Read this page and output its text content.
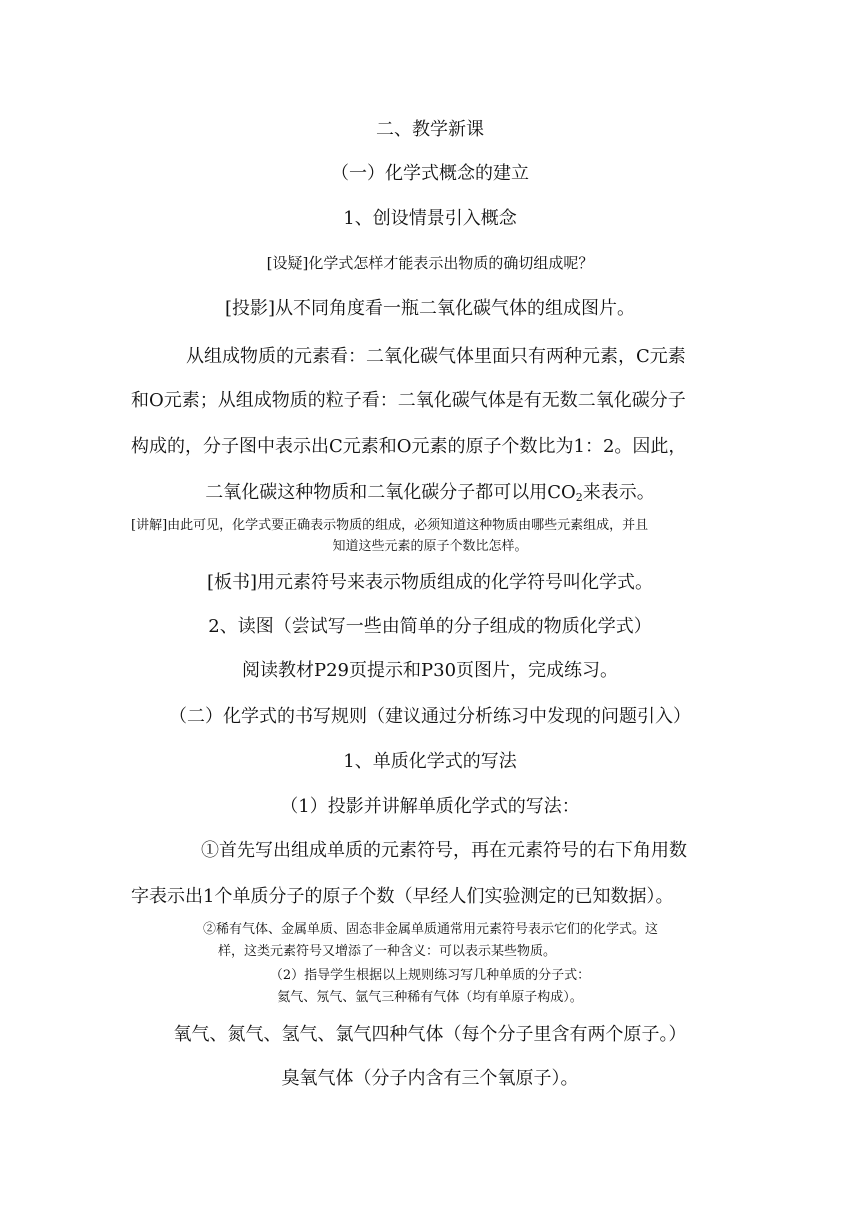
二、教学新课
（一）化学式概念的建立
1、创设情景引入概念
[设疑]化学式怎样才能表示出物质的确切组成呢？
[投影]从不同角度看一瓶二氧化碳气体的组成图片。
从组成物质的元素看：二氧化碳气体里面只有两种元素，C元素
和O元素；从组成物质的粒子看：二氧化碳气体是有无数二氧化碳分子
构成的，分子图中表示出C元素和O元素的原子个数比为1：2。因此，
二氧化碳这种物质和二氧化碳分子都可以用$CO_2$来表示。
[讲解]由此可见，化学式要正确表示物质的组成，必须知道这种物质由哪些元素组成，并且
知道这些元素的原子个数比怎样。
[板书]用元素符号来表示物质组成的化学符号叫化学式。
2、读图（尝试写一些由简单的分子组成的物质化学式）
阅读教材P29页提示和P30页图片，完成练习。
（二）化学式的书写规则（建议通过分析练习中发现的问题引入）
1、单质化学式的写法
（1）投影并讲解单质化学式的写法：
①首先写出组成单质的元素符号，再在元素符号的右下角用数
字表示出1个单质分子的原子个数（早经人们实验测定的已知数据）。
②稀有气体、金属单质、固态非金属单质通常用元素符号表示它们的化学式。这
样，这类元素符号又增添了一种含义：可以表示某些物质。
（2）指导学生根据以上规则练习写几种单质的分子式：
氦气、氖气、氩气三种稀有气体（均有单原子构成）。
氧气、氮气、氢气、氯气四种气体（每个分子里含有两个原子。）
臭氧气体（分子内含有三个氧原子）。
